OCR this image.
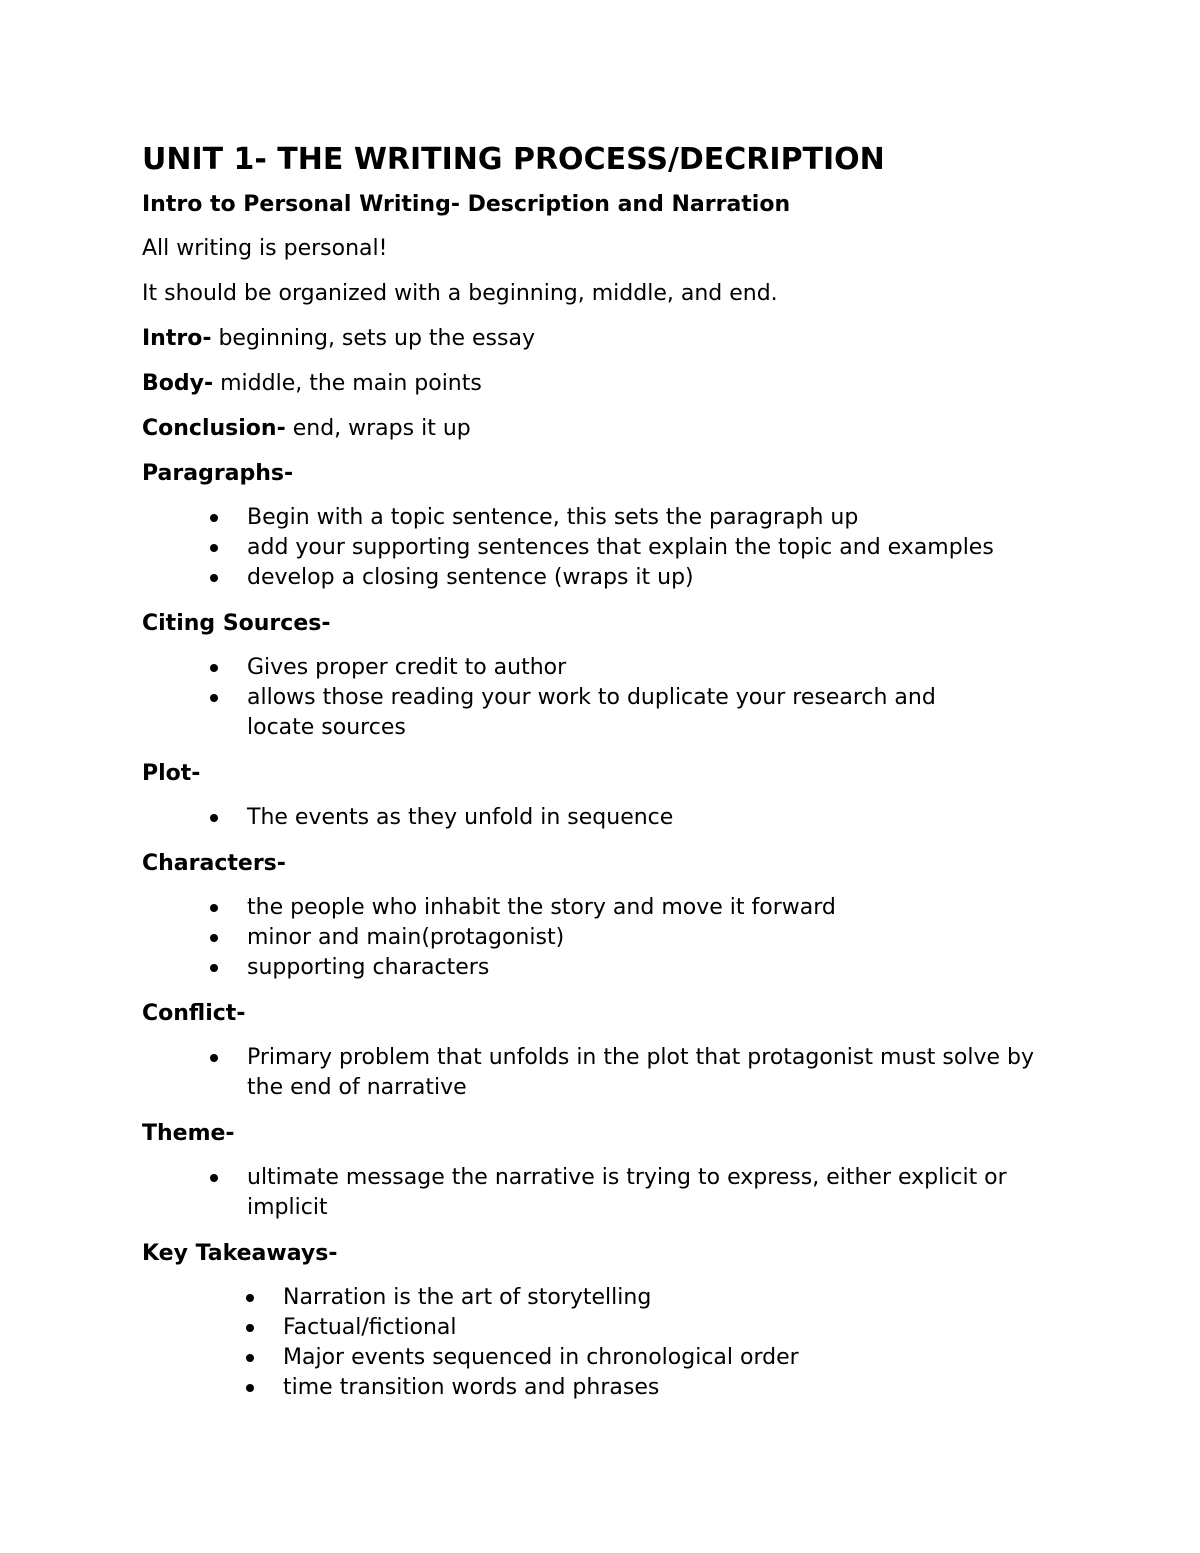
UNIT 1- THE WRITING PROCESS/DECRIPTION
Intro to Personal Writing- Description and Narration
All writing is personal!
It should be organized with a beginning, middle, and end.
Intro- beginning, sets up the essay
Body- middle, the main points
Conclusion- end, wraps it up
Paragraphs-
Begin with a topic sentence, this sets the paragraph up
add your supporting sentences that explain the topic and examples
develop a closing sentence (wraps it up)
Citing Sources-
Gives proper credit to author
allows those reading your work to duplicate your research and locate sources
Plot-
The events as they unfold in sequence
Characters-
the people who inhabit the story and move it forward
minor and main(protagonist)
supporting characters
Conflict-
Primary problem that unfolds in the plot that protagonist must solve by the end of narrative
Theme-
ultimate message the narrative is trying to express, either explicit or implicit
Key Takeaways-
Narration is the art of storytelling
Factual/fictional
Major events sequenced in chronological order
time transition words and phrases
